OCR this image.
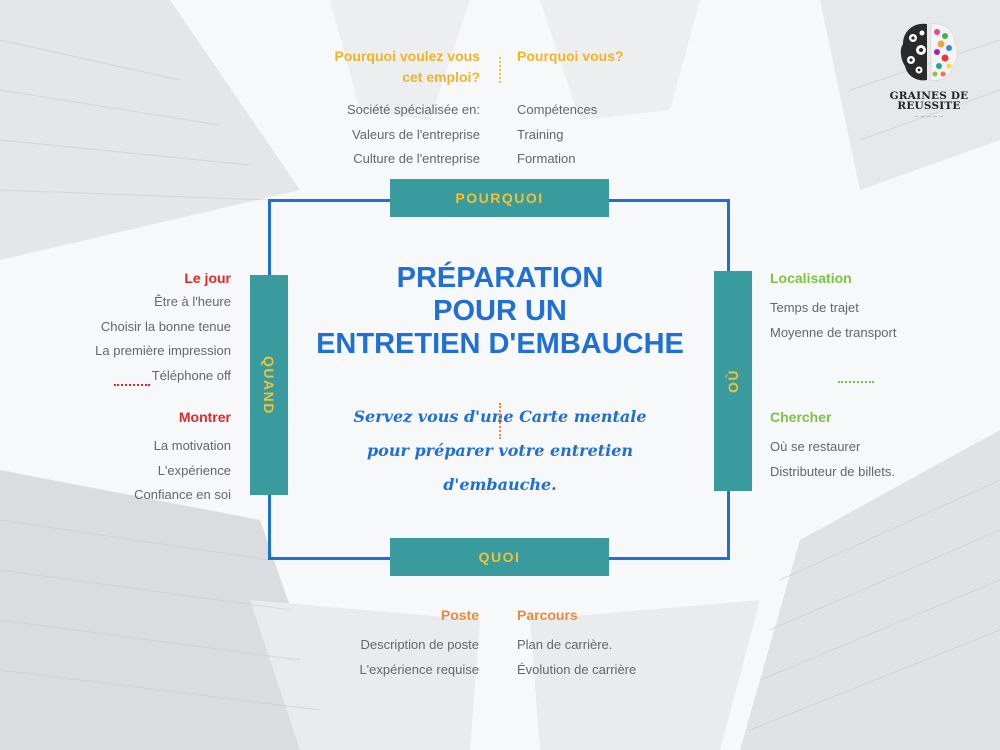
GRAINES DE
REUSSITE
— — — — —
POURQUOI
QUOI
QUAND	OÙ
PRÉPARATION
POUR UN
ENTRETIEN D'EMBAUCHE
Servez vous d'une Carte mentale
pour préparer votre entretien
d'embauche.
Pourquoi voulez vous
cet emploi?
Société spécialisée en:
Valeurs de l'entreprise
Culture de l'entreprise
Pourquoi vous?
Compétences
Training
Formation
Le jour
Être à l'heure
Choisir la bonne tenue
La première impression
Téléphone off
Montrer
La motivation
L'expérience
Confiance en soi
Localisation
Temps de trajet
Moyenne de transport
Chercher
Où se restaurer
Distributeur de billets.
Poste
Description de poste
L'expérience requise
Parcours
Plan de carrière.
Évolution de carrière
